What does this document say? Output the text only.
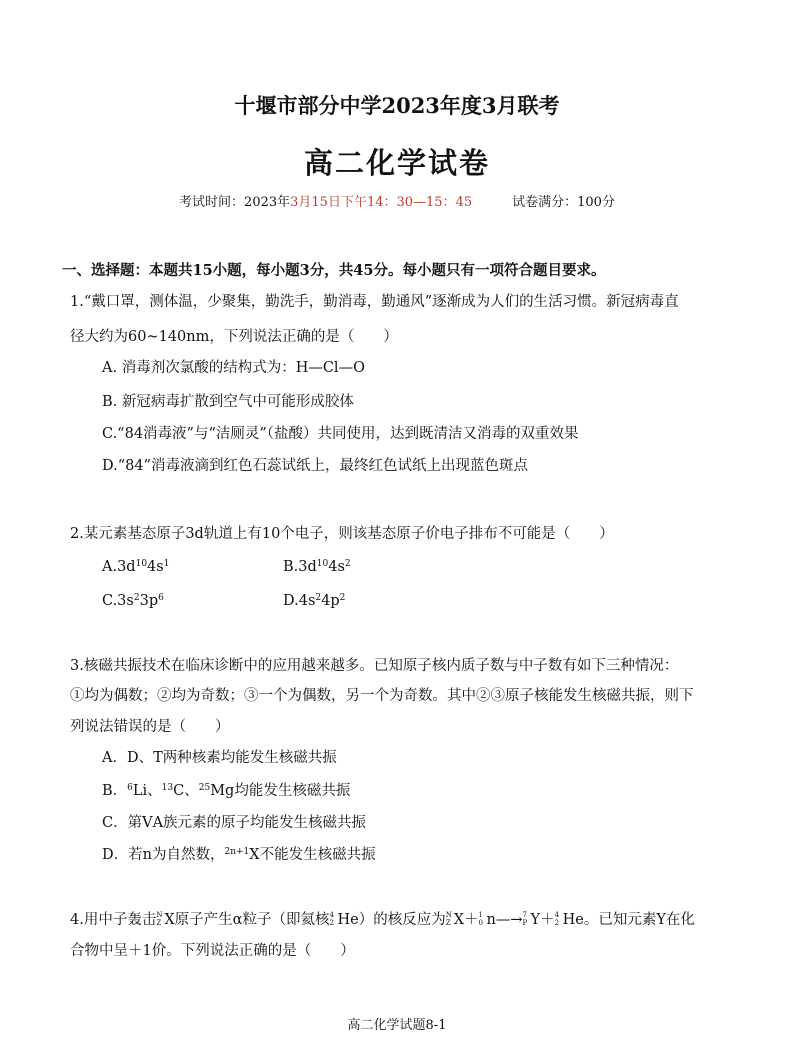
十堰市部分中学2023年度3月联考
高二化学试卷
考试时间：2023年3月15日下午14：30—15：45	试卷满分：100分
一、选择题：本题共15小题，每小题3分，共45分。每小题只有一项符合题目要求。
1.“戴口罩，测体温，少聚集，勤洗手，勤消毒，勤通风”逐渐成为人们的生活习惯。新冠病毒直
径大约为60~140nm，下列说法正确的是（　　）
A. 消毒剂次氯酸的结构式为：H—Cl—O
B. 新冠病毒扩散到空气中可能形成胶体
C.“84消毒液”与“洁厕灵”（盐酸）共同使用，达到既清洁又消毒的双重效果
D.“84”消毒液滴到红色石蕊试纸上，最终红色试纸上出现蓝色斑点
2.某元素基态原子3d轨道上有10个电子，则该基态原子价电子排布不可能是（　　）
$A.3d^{10}4s^1$	$B.3d^{10}4s^2$
$C.3s^23p^6$	$D.4s^24p^2$
3.核磁共振技术在临床诊断中的应用越来越多。已知原子核内质子数与中子数有如下三种情况：
①均为偶数；②均为奇数；③一个为偶数，另一个为奇数。其中②③原子核能发生核磁共振，则下
列说法错误的是（　　）
A．D、T两种核素均能发生核磁共振
B．$^6$Li、$^{13}$C、$^{25}$Mg均能发生核磁共振
C．第ⅤA族元素的原子均能发生核磁共振
D．若n为自然数，$^{2n+1}$X不能发生核磁共振
4.用中子轰击 N
Z X原子产生α粒子（即氦核 4
2 He）的核反应为 N
Z X＋ 1
0 n—→ 7
P Y＋ 4
2 He。已知元素Y在化
合物中呈＋1价。下列说法正确的是（　　）
高二化学试题8-1
